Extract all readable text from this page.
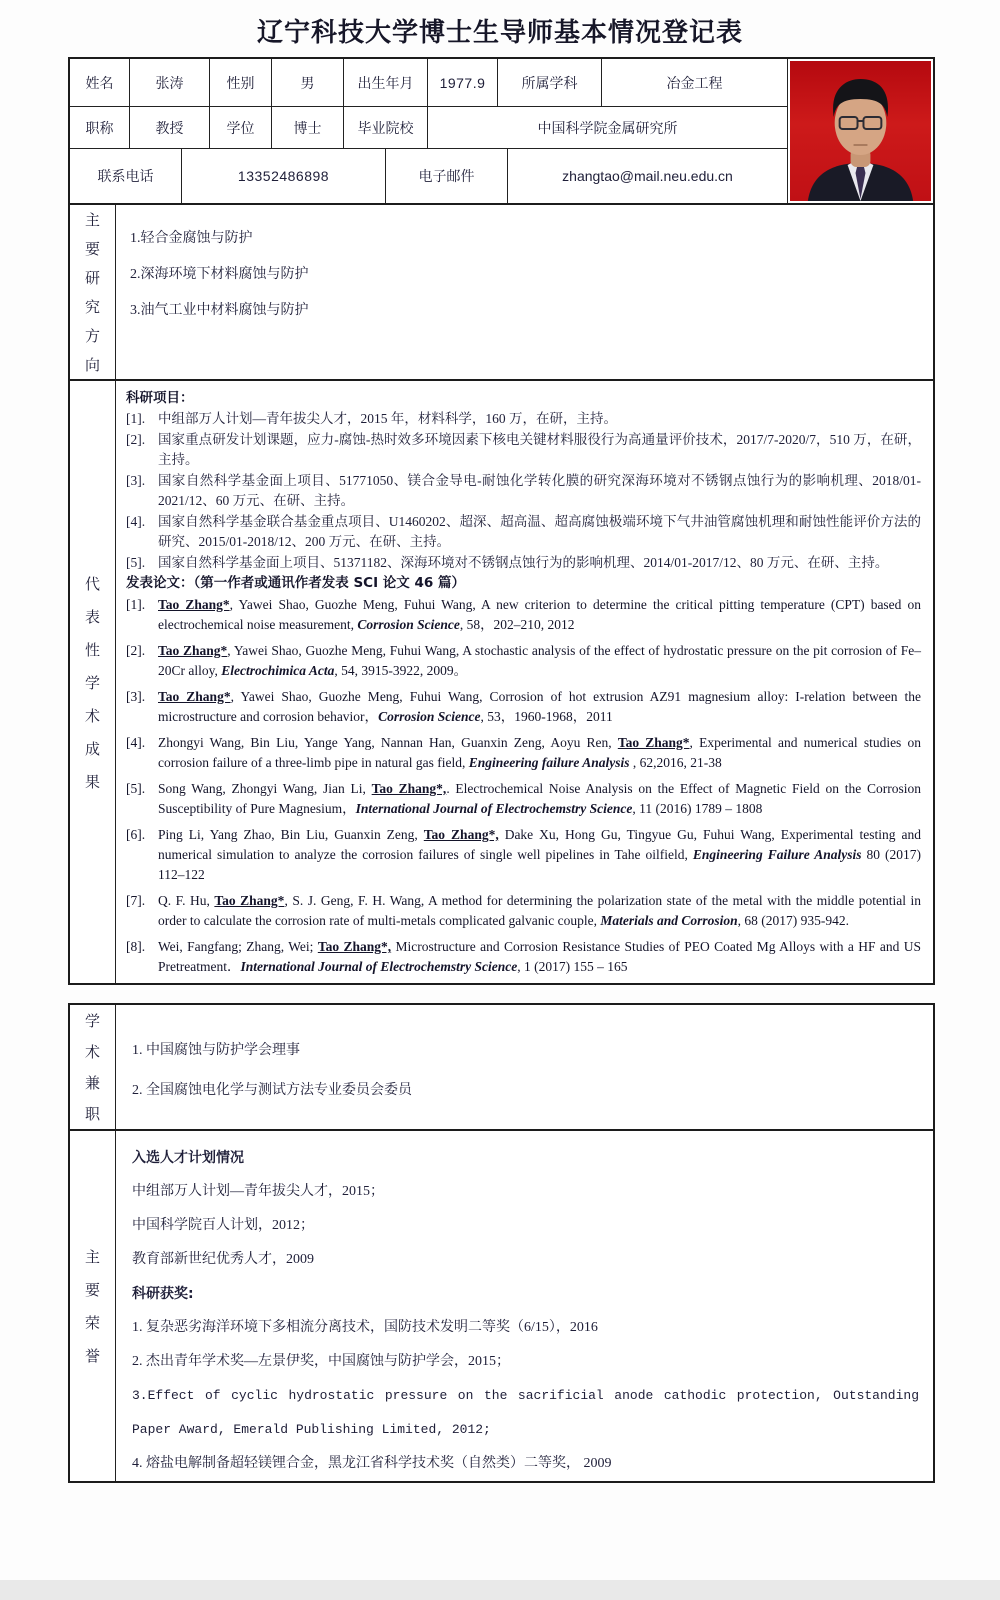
辽宁科技大学博士生导师基本情况登记表
姓名	张涛	性别	男	出生年月	1977.9	所属学科	冶金工程
职称	教授	学位	博士	毕业院校	中国科学院金属研究所
联系电话	13352486898	电子邮件	zhangtao@mail.neu.edu.cn
主
要
研
究
方
向
1.轻合金腐蚀与防护
2.深海环境下材料腐蚀与防护
3.油气工业中材料腐蚀与防护
代
表
性
学
术
成
果
科研项目：
[1]. 中组部万人计划—青年拔尖人才，2015 年，材料科学，160 万，在研，主持。
[2]. 国家重点研发计划课题，应力-腐蚀-热时效多环境因素下核电关键材料服役行为高通量评价技术，2017/7-2020/7，510 万，在研，主持。
[3]. 国家自然科学基金面上项目、51771050、镁合金导电-耐蚀化学转化膜的研究深海环境对不锈钢点蚀行为的影响机理、2018/01-2021/12、60 万元、在研、主持。
[4]. 国家自然科学基金联合基金重点项目、U1460202、超深、超高温、超高腐蚀极端环境下气井油管腐蚀机理和耐蚀性能评价方法的研究、2015/01-2018/12、200 万元、在研、主持。
[5]. 国家自然科学基金面上项目、51371182、深海环境对不锈钢点蚀行为的影响机理、2014/01-2017/12、80 万元、在研、主持。
发表论文：（第一作者或通讯作者发表 SCI 论文 46 篇）
[1]. Tao Zhang*, Yawei Shao, Guozhe Meng, Fuhui Wang, A new criterion to determine the critical pitting temperature (CPT) based on electrochemical noise measurement, Corrosion Science, 58，202–210, 2012
[2]. Tao Zhang*, Yawei Shao, Guozhe Meng, Fuhui Wang, A stochastic analysis of the effect of hydrostatic pressure on the pit corrosion of Fe–20Cr alloy, Electrochimica Acta, 54, 3915-3922, 2009。
[3]. Tao Zhang*, Yawei Shao, Guozhe Meng, Fuhui Wang, Corrosion of hot extrusion AZ91 magnesium alloy: I-relation between the microstructure and corrosion behavior，Corrosion Science, 53，1960-1968，2011
[4]. Zhongyi Wang, Bin Liu, Yange Yang, Nannan Han, Guanxin Zeng, Aoyu Ren, Tao Zhang*, Experimental and numerical studies on corrosion failure of a three-limb pipe in natural gas field, Engineering failure Analysis , 62,2016, 21-38
[5]. Song Wang, Zhongyi Wang, Jian Li, Tao Zhang*,. Electrochemical Noise Analysis on the Effect of Magnetic Field on the Corrosion Susceptibility of Pure Magnesium，International Journal of Electrochemstry Science, 11 (2016) 1789 – 1808
[6]. Ping Li, Yang Zhao, Bin Liu, Guanxin Zeng, Tao Zhang*, Dake Xu, Hong Gu, Tingyue Gu, Fuhui Wang, Experimental testing and numerical simulation to analyze the corrosion failures of single well pipelines in Tahe oilfield, Engineering Failure Analysis 80 (2017) 112–122
[7]. Q. F. Hu, Tao Zhang*, S. J. Geng, F. H. Wang, A method for determining the polarization state of the metal with the middle potential in order to calculate the corrosion rate of multi-metals complicated galvanic couple, Materials and Corrosion, 68 (2017) 935-942.
[8]. Wei, Fangfang; Zhang, Wei; Tao Zhang*, Microstructure and Corrosion Resistance Studies of PEO Coated Mg Alloys with a HF and US Pretreatment．International Journal of Electrochemstry Science, 1 (2017) 155 – 165
学
术
兼
职
1. 中国腐蚀与防护学会理事
2. 全国腐蚀电化学与测试方法专业委员会委员
主
要
荣
誉
入选人才计划情况
中组部万人计划—青年拔尖人才，2015；
中国科学院百人计划，2012；
教育部新世纪优秀人才，2009
科研获奖:
1. 复杂恶劣海洋环境下多相流分离技术，国防技术发明二等奖（6/15），2016
2. 杰出青年学术奖—左景伊奖，中国腐蚀与防护学会，2015；
3.Effect of cyclic hydrostatic pressure on the sacrificial anode cathodic protection, Outstanding Paper Award, Emerald Publishing Limited, 2012;
4. 熔盐电解制备超轻镁锂合金，黑龙江省科学技术奖（自然类）二等奖， 2009
